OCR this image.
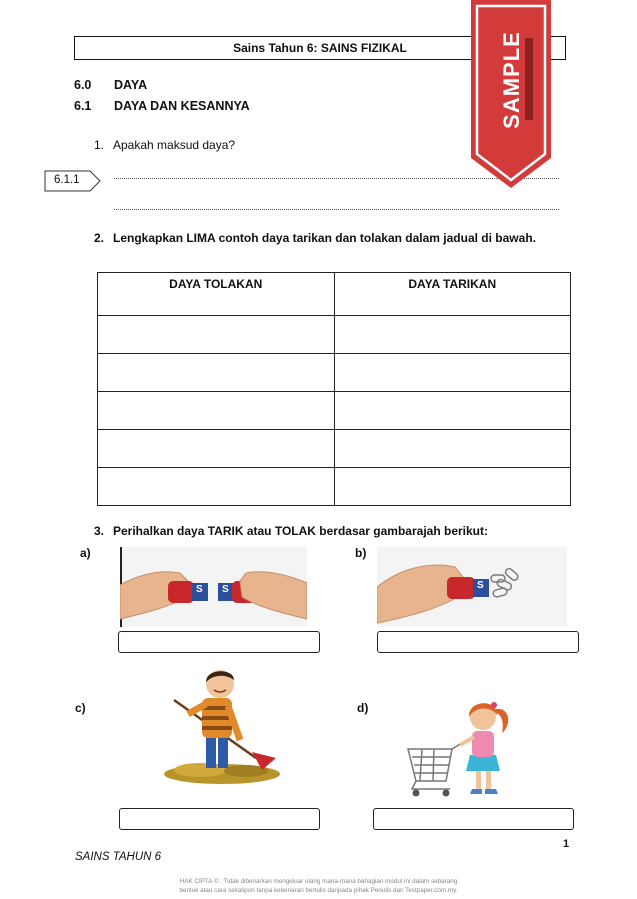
Sains Tahun 6: SAINS FIZIKAL
6.0 DAYA
6.1 DAYA DAN KESANNYA
1. Apakah maksud daya?
6.1.1
2. Lengkapkan LIMA contoh daya tarikan dan tolakan dalam jadual di bawah.
DAYA TOLAKAN	DAYA TARIKAN

3. Perihalkan daya TARIK atau TOLAK berdasar gambarajah berikut:
a)
S S
b)
S
c)	d)
SAMPLE
SAINS TAHUN 6
1
HAK CIPTA © : Tidak dibenarkan mengeluar ulang mana-mana bahagian modul ini dalam sebarang
bentuk atau cara sekalipun tanpa kebenaran bertulis daripada pihak Penulis dan Testpaper.com.my.
